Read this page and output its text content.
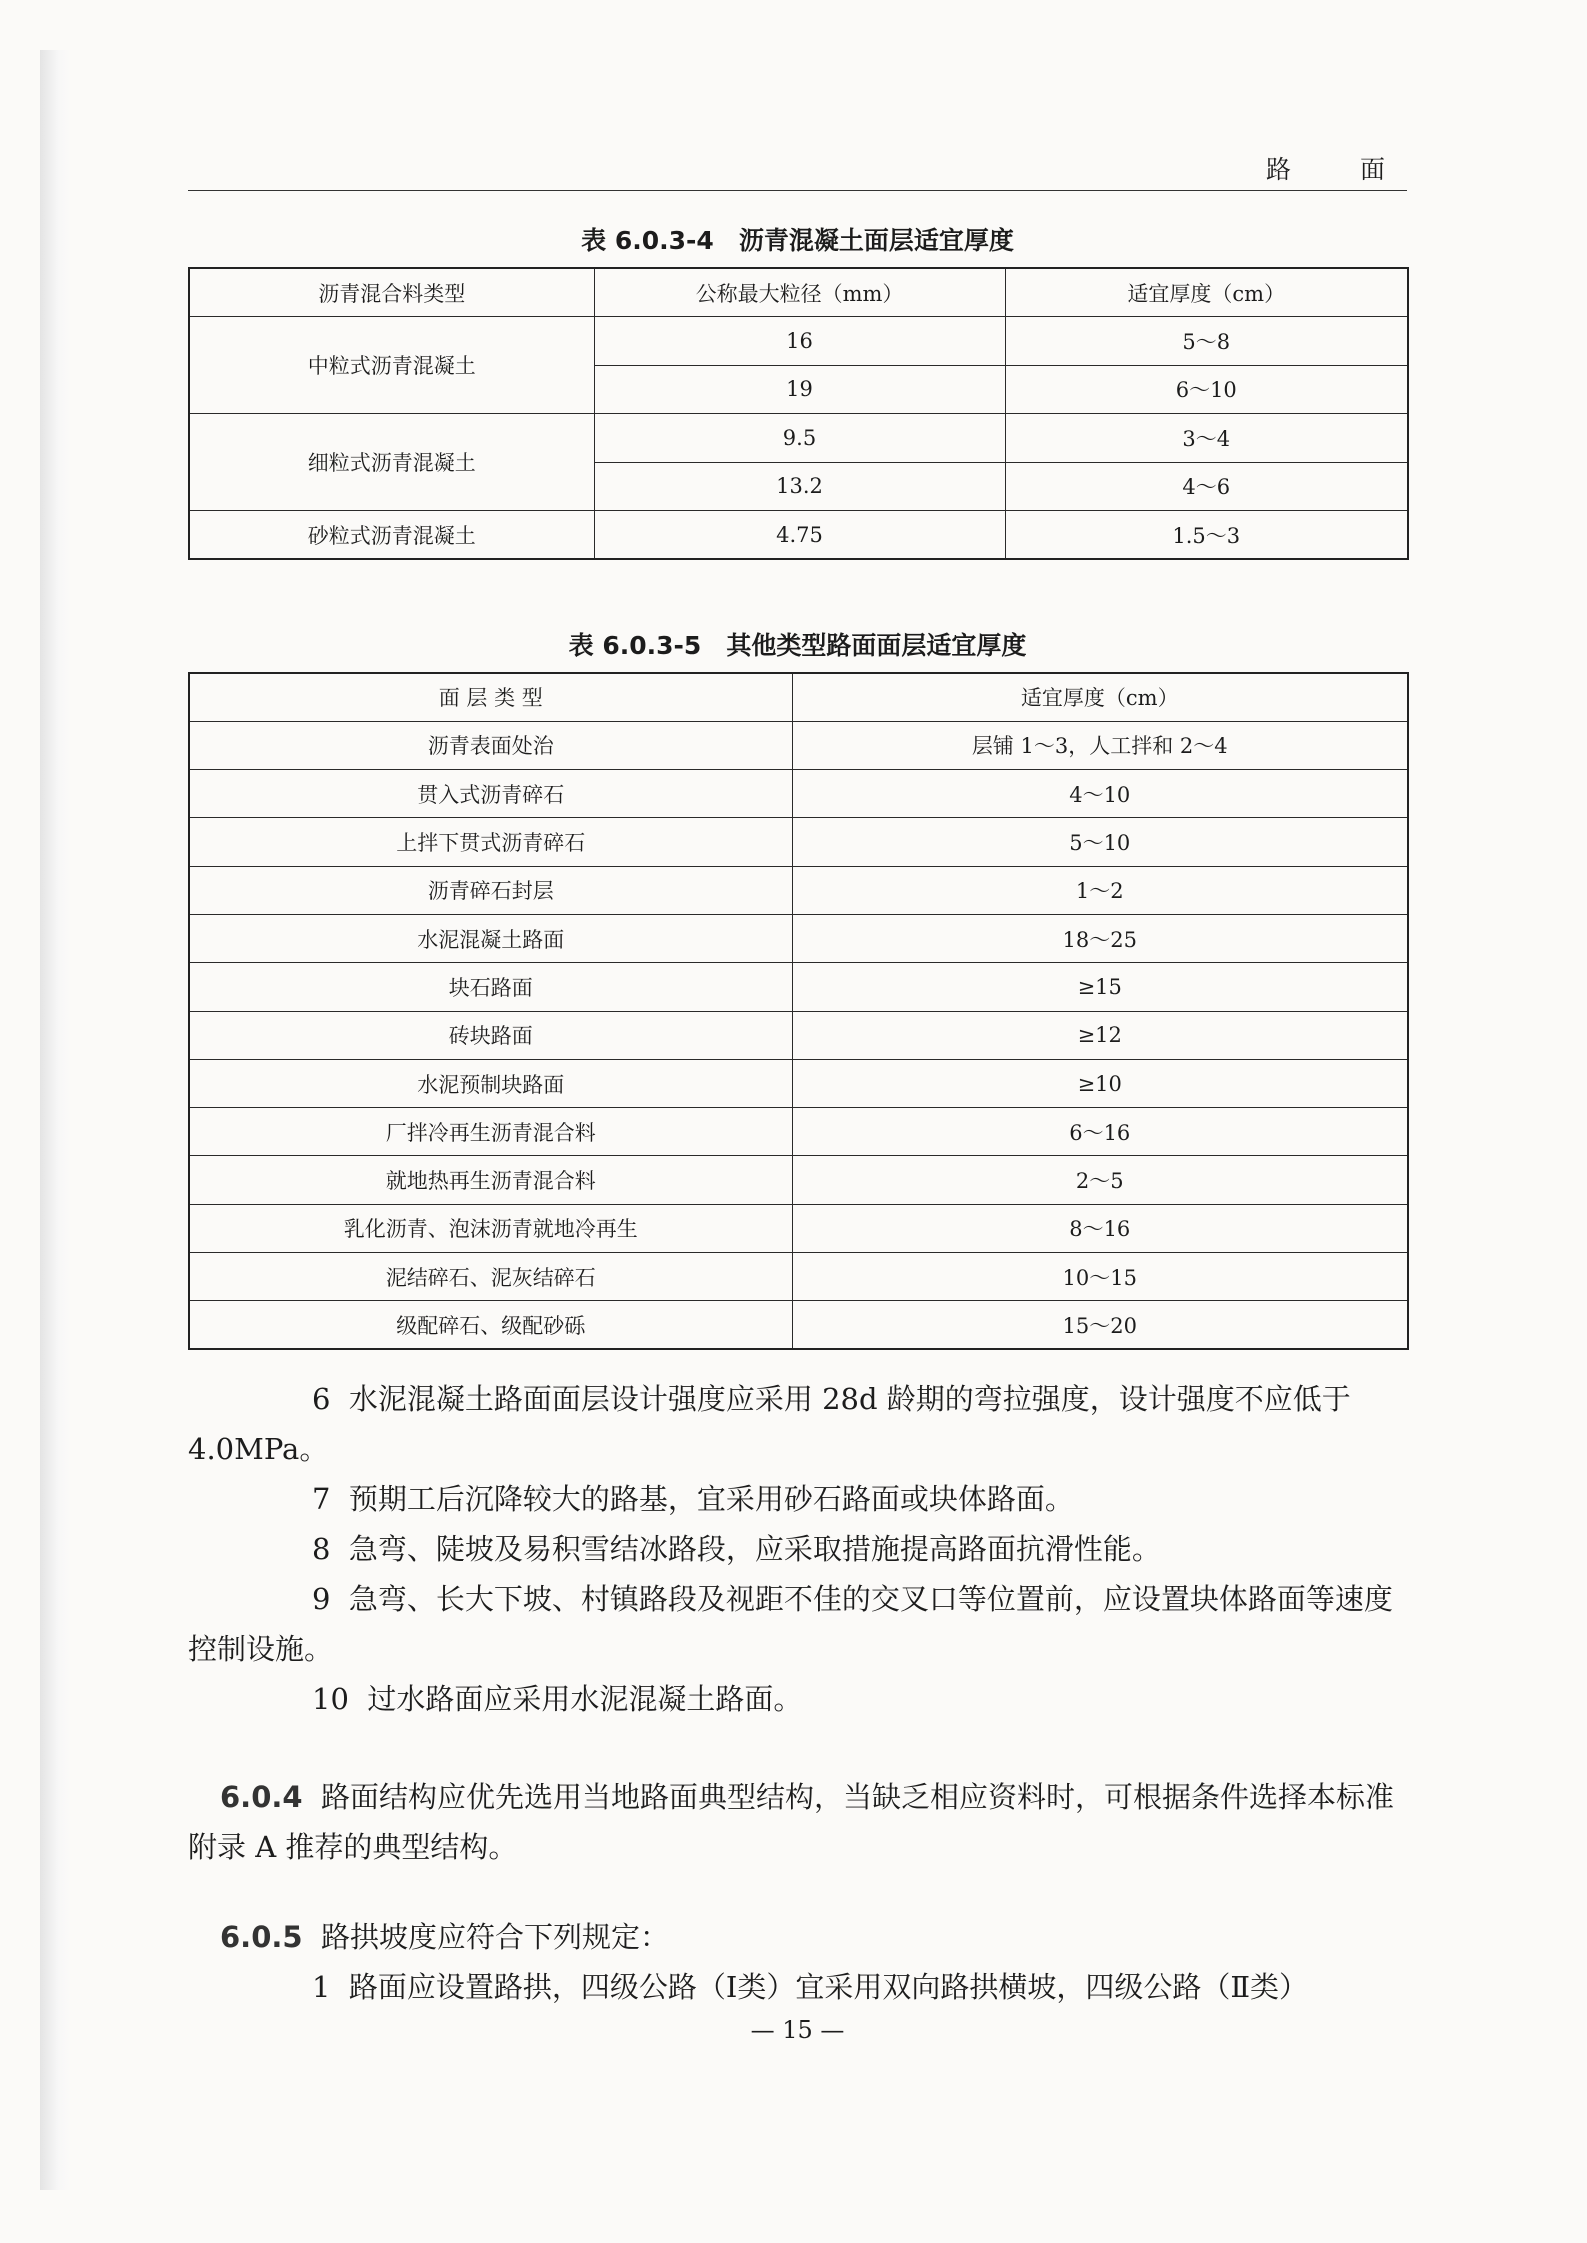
路　面
表 6.0.3-4　沥青混凝土面层适宜厚度
沥青混合料类型	公称最大粒径（mm）	适宜厚度（cm）
中粒式沥青混凝土	16	5～8
	19	6～10
细粒式沥青混凝土	9.5	3～4
	13.2	4～6
砂粒式沥青混凝土	4.75	1.5～3
表 6.0.3-5　其他类型路面面层适宜厚度
面 层 类 型	适宜厚度（cm）
沥青表面处治	层铺 1～3，人工拌和 2～4
贯入式沥青碎石	4～10
上拌下贯式沥青碎石	5～10
沥青碎石封层	1～2
水泥混凝土路面	18～25
块石路面	≥15
砖块路面	≥12
水泥预制块路面	≥10
厂拌冷再生沥青混合料	6～16
就地热再生沥青混合料	2～5
乳化沥青、泡沫沥青就地冷再生	8～16
泥结碎石、泥灰结碎石	10～15
级配碎石、级配砂砾	15～20
6 水泥混凝土路面面层设计强度应采用 28d 龄期的弯拉强度，设计强度不应低于 4.0MPa。
7 预期工后沉降较大的路基，宜采用砂石路面或块体路面。
8 急弯、陡坡及易积雪结冰路段，应采取措施提高路面抗滑性能。
9 急弯、长大下坡、村镇路段及视距不佳的交叉口等位置前，应设置块体路面等速度控制设施。
10 过水路面应采用水泥混凝土路面。
6.0.4 路面结构应优先选用当地路面典型结构，当缺乏相应资料时，可根据条件选择本标准附录 A 推荐的典型结构。
6.0.5 路拱坡度应符合下列规定：
1 路面应设置路拱，四级公路（Ⅰ类）宜采用双向路拱横坡，四级公路（Ⅱ类）
— 15 —
